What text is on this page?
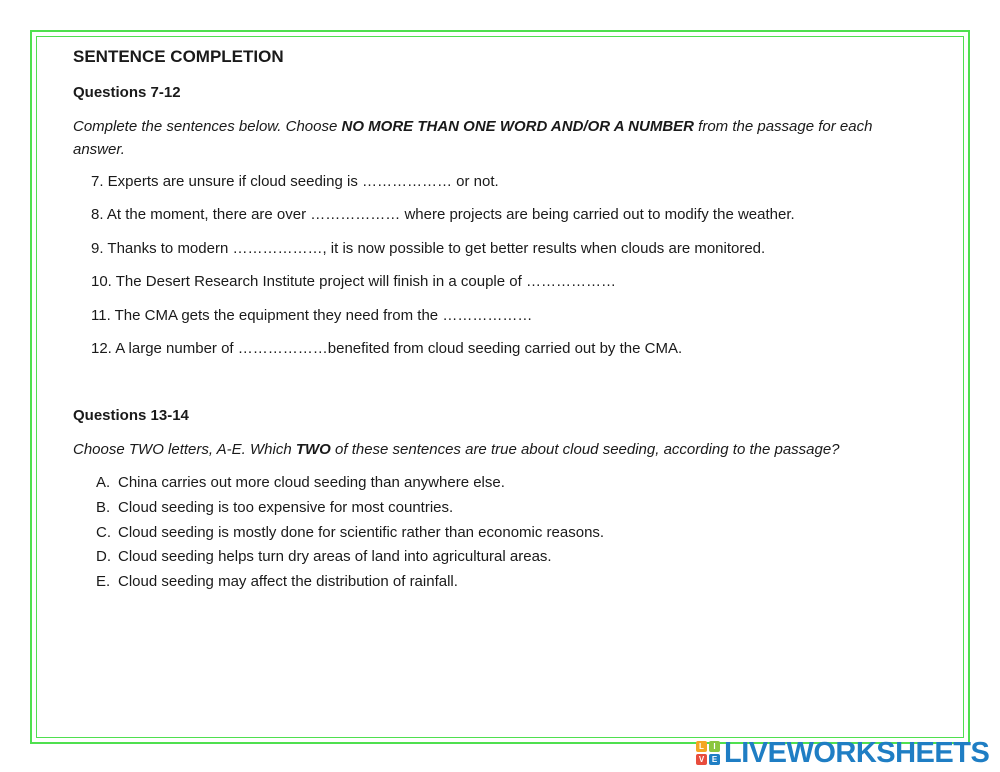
SENTENCE COMPLETION
Questions 7-12

Complete the sentences below. Choose NO MORE THAN ONE WORD AND/OR A NUMBER from the passage for each answer.

7. Experts are unsure if cloud seeding is ……………… or not.
8. At the moment, there are over ……………… where projects are being carried out to modify the weather.
9. Thanks to modern ………………, it is now possible to get better results when clouds are monitored.
10. The Desert Research Institute project will finish in a couple of ………………
11. The CMA gets the equipment they need from the ………………
12. A large number of ………………benefited from cloud seeding carried out by the CMA.
Questions 13-14

Choose TWO letters, A-E. Which TWO of these sentences are true about cloud seeding, according to the passage?

A. China carries out more cloud seeding than anywhere else.
B. Cloud seeding is too expensive for most countries.
C. Cloud seeding is mostly done for scientific rather than economic reasons.
D. Cloud seeding helps turn dry areas of land into agricultural areas.
E. Cloud seeding may affect the distribution of rainfall.
L	I
V E LIVEWORKSHEETS
